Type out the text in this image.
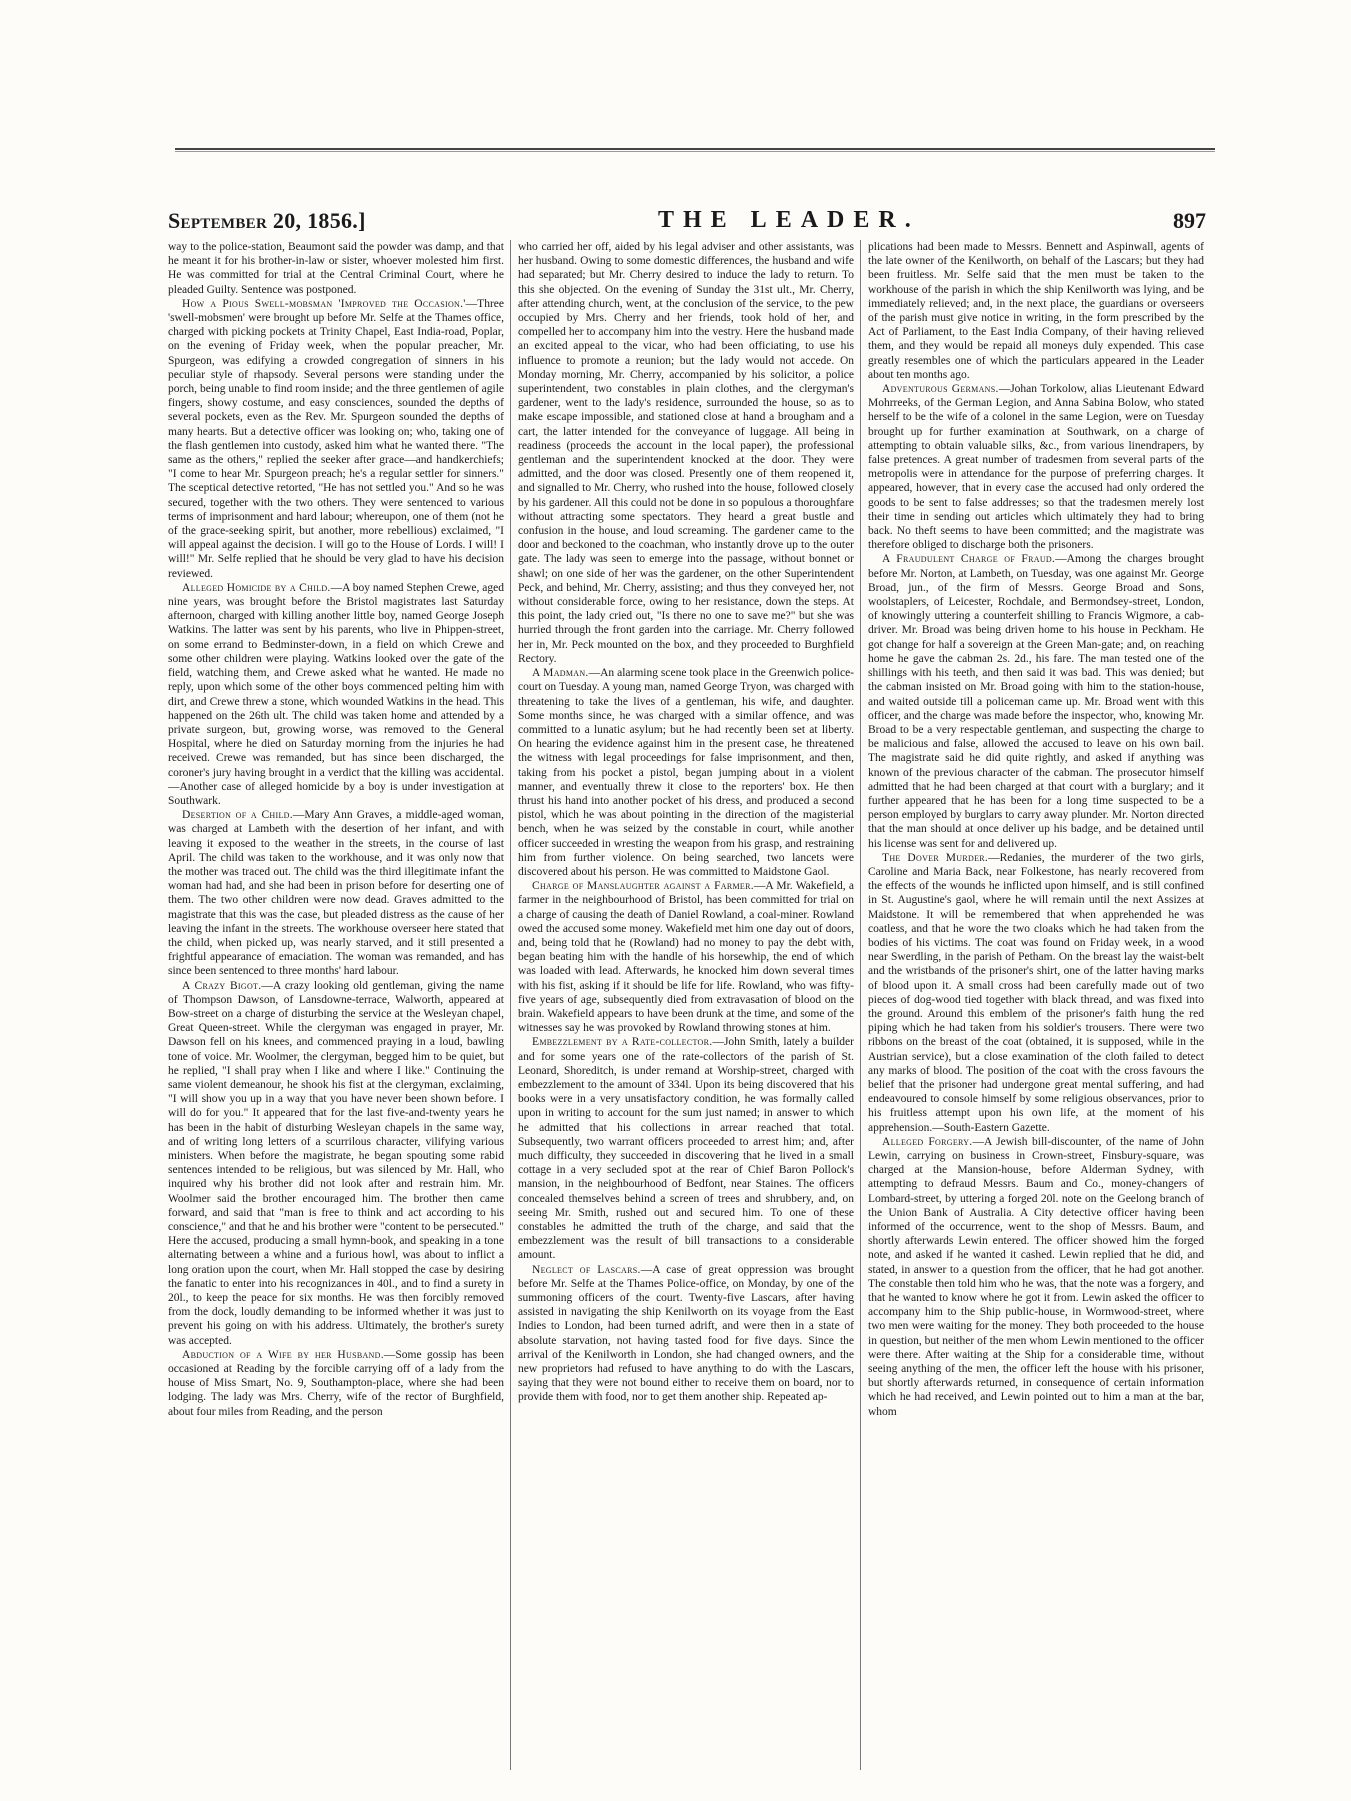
September 20, 1856.]	THE LEADER.	897

way to the police-station, Beaumont said the powder was damp, and that he meant it for his brother-in-law or sister, whoever molested him first. He was committed for trial at the Central Criminal Court, where he pleaded Guilty. Sentence was postponed.

How a Pious Swell-mobsman 'Improved the Occasion.'—Three 'swell-mobsmen' were brought up before Mr. Selfe at the Thames office, charged with picking pockets at Trinity Chapel, East India-road, Poplar, on the evening of Friday week, when the popular preacher, Mr. Spurgeon, was edifying a crowded congregation of sinners in his peculiar style of rhapsody. Several persons were standing under the porch, being unable to find room inside; and the three gentlemen of agile fingers, showy costume, and easy consciences, sounded the depths of several pockets, even as the Rev. Mr. Spurgeon sounded the depths of many hearts. But a detective officer was looking on; who, taking one of the flash gentlemen into custody, asked him what he wanted there. "The same as the others," replied the seeker after grace—and handkerchiefs; "I come to hear Mr. Spurgeon preach; he's a regular settler for sinners." The sceptical detective retorted, "He has not settled you." And so he was secured, together with the two others. They were sentenced to various terms of imprisonment and hard labour; whereupon, one of them (not he of the grace-seeking spirit, but another, more rebellious) exclaimed, "I will appeal against the decision. I will go to the House of Lords. I will! I will!" Mr. Selfe replied that he should be very glad to have his decision reviewed.

Alleged Homicide by a Child.—A boy named Stephen Crewe, aged nine years, was brought before the Bristol magistrates last Saturday afternoon, charged with killing another little boy, named George Joseph Watkins. The latter was sent by his parents, who live in Phippen-street, on some errand to Bedminster-down, in a field on which Crewe and some other children were playing. Watkins looked over the gate of the field, watching them, and Crewe asked what he wanted. He made no reply, upon which some of the other boys commenced pelting him with dirt, and Crewe threw a stone, which wounded Watkins in the head. This happened on the 26th ult. The child was taken home and attended by a private surgeon, but, growing worse, was removed to the General Hospital, where he died on Saturday morning from the injuries he had received. Crewe was remanded, but has since been discharged, the coroner's jury having brought in a verdict that the killing was accidental.—Another case of alleged homicide by a boy is under investigation at Southwark.

Desertion of a Child.—Mary Ann Graves, a middle-aged woman, was charged at Lambeth with the desertion of her infant, and with leaving it exposed to the weather in the streets, in the course of last April. The child was taken to the workhouse, and it was only now that the mother was traced out. The child was the third illegitimate infant the woman had had, and she had been in prison before for deserting one of them. The two other children were now dead. Graves admitted to the magistrate that this was the case, but pleaded distress as the cause of her leaving the infant in the streets. The workhouse overseer here stated that the child, when picked up, was nearly starved, and it still presented a frightful appearance of emaciation. The woman was remanded, and has since been sentenced to three months' hard labour.

A Crazy Bigot.—A crazy looking old gentleman, giving the name of Thompson Dawson, of Lansdowne-terrace, Walworth, appeared at Bow-street on a charge of disturbing the service at the Wesleyan chapel, Great Queen-street. While the clergyman was engaged in prayer, Mr. Dawson fell on his knees, and commenced praying in a loud, bawling tone of voice. Mr. Woolmer, the clergyman, begged him to be quiet, but he replied, "I shall pray when I like and where I like." Continuing the same violent demeanour, he shook his fist at the clergyman, exclaiming, "I will show you up in a way that you have never been shown before. I will do for you." It appeared that for the last five-and-twenty years he has been in the habit of disturbing Wesleyan chapels in the same way, and of writing long letters of a scurrilous character, vilifying various ministers. When before the magistrate, he began spouting some rabid sentences intended to be religious, but was silenced by Mr. Hall, who inquired why his brother did not look after and restrain him. Mr. Woolmer said the brother encouraged him. The brother then came forward, and said that "man is free to think and act according to his conscience," and that he and his brother were "content to be persecuted." Here the accused, producing a small hymn-book, and speaking in a tone alternating between a whine and a furious howl, was about to inflict a long oration upon the court, when Mr. Hall stopped the case by desiring the fanatic to enter into his recognizances in 40l., and to find a surety in 20l., to keep the peace for six months. He was then forcibly removed from the dock, loudly demanding to be informed whether it was just to prevent his going on with his address. Ultimately, the brother's surety was accepted.

Abduction of a Wife by her Husband.—Some gossip has been occasioned at Reading by the forcible carrying off of a lady from the house of Miss Smart, No. 9, Southampton-place, where she had been lodging. The lady was Mrs. Cherry, wife of the rector of Burghfield, about four miles from Reading, and the person

who carried her off, aided by his legal adviser and other assistants, was her husband. Owing to some domestic differences, the husband and wife had separated; but Mr. Cherry desired to induce the lady to return. To this she objected. On the evening of Sunday the 31st ult., Mr. Cherry, after attending church, went, at the conclusion of the service, to the pew occupied by Mrs. Cherry and her friends, took hold of her, and compelled her to accompany him into the vestry. Here the husband made an excited appeal to the vicar, who had been officiating, to use his influence to promote a reunion; but the lady would not accede. On Monday morning, Mr. Cherry, accompanied by his solicitor, a police superintendent, two constables in plain clothes, and the clergyman's gardener, went to the lady's residence, surrounded the house, so as to make escape impossible, and stationed close at hand a brougham and a cart, the latter intended for the conveyance of luggage. All being in readiness (proceeds the account in the local paper), the professional gentleman and the superintendent knocked at the door. They were admitted, and the door was closed. Presently one of them reopened it, and signalled to Mr. Cherry, who rushed into the house, followed closely by his gardener. All this could not be done in so populous a thoroughfare without attracting some spectators. They heard a great bustle and confusion in the house, and loud screaming. The gardener came to the door and beckoned to the coachman, who instantly drove up to the outer gate. The lady was seen to emerge into the passage, without bonnet or shawl; on one side of her was the gardener, on the other Superintendent Peck, and behind, Mr. Cherry, assisting; and thus they conveyed her, not without considerable force, owing to her resistance, down the steps. At this point, the lady cried out, "Is there no one to save me?" but she was hurried through the front garden into the carriage. Mr. Cherry followed her in, Mr. Peck mounted on the box, and they proceeded to Burghfield Rectory.

A Madman.—An alarming scene took place in the Greenwich police-court on Tuesday. A young man, named George Tryon, was charged with threatening to take the lives of a gentleman, his wife, and daughter. Some months since, he was charged with a similar offence, and was committed to a lunatic asylum; but he had recently been set at liberty. On hearing the evidence against him in the present case, he threatened the witness with legal proceedings for false imprisonment, and then, taking from his pocket a pistol, began jumping about in a violent manner, and eventually threw it close to the reporters' box. He then thrust his hand into another pocket of his dress, and produced a second pistol, which he was about pointing in the direction of the magisterial bench, when he was seized by the constable in court, while another officer succeeded in wresting the weapon from his grasp, and restraining him from further violence. On being searched, two lancets were discovered about his person. He was committed to Maidstone Gaol.

Charge of Manslaughter against a Farmer.—A Mr. Wakefield, a farmer in the neighbourhood of Bristol, has been committed for trial on a charge of causing the death of Daniel Rowland, a coal-miner. Rowland owed the accused some money. Wakefield met him one day out of doors, and, being told that he (Rowland) had no money to pay the debt with, began beating him with the handle of his horsewhip, the end of which was loaded with lead. Afterwards, he knocked him down several times with his fist, asking if it should be life for life. Rowland, who was fifty-five years of age, subsequently died from extravasation of blood on the brain. Wakefield appears to have been drunk at the time, and some of the witnesses say he was provoked by Rowland throwing stones at him.

Embezzlement by a Rate-collector.—John Smith, lately a builder and for some years one of the rate-collectors of the parish of St. Leonard, Shoreditch, is under remand at Worship-street, charged with embezzlement to the amount of 334l. Upon its being discovered that his books were in a very unsatisfactory condition, he was formally called upon in writing to account for the sum just named; in answer to which he admitted that his collections in arrear reached that total. Subsequently, two warrant officers proceeded to arrest him; and, after much difficulty, they succeeded in discovering that he lived in a small cottage in a very secluded spot at the rear of Chief Baron Pollock's mansion, in the neighbourhood of Bedfont, near Staines. The officers concealed themselves behind a screen of trees and shrubbery, and, on seeing Mr. Smith, rushed out and secured him. To one of these constables he admitted the truth of the charge, and said that the embezzlement was the result of bill transactions to a considerable amount.

Neglect of Lascars.—A case of great oppression was brought before Mr. Selfe at the Thames Police-office, on Monday, by one of the summoning officers of the court. Twenty-five Lascars, after having assisted in navigating the ship Kenilworth on its voyage from the East Indies to London, had been turned adrift, and were then in a state of absolute starvation, not having tasted food for five days. Since the arrival of the Kenilworth in London, she had changed owners, and the new proprietors had refused to have anything to do with the Lascars, saying that they were not bound either to receive them on board, nor to provide them with food, nor to get them another ship. Repeated ap-

plications had been made to Messrs. Bennett and Aspinwall, agents of the late owner of the Kenilworth, on behalf of the Lascars; but they had been fruitless. Mr. Selfe said that the men must be taken to the workhouse of the parish in which the ship Kenilworth was lying, and be immediately relieved; and, in the next place, the guardians or overseers of the parish must give notice in writing, in the form prescribed by the Act of Parliament, to the East India Company, of their having relieved them, and they would be repaid all moneys duly expended. This case greatly resembles one of which the particulars appeared in the Leader about ten months ago.

Adventurous Germans.—Johan Torkolow, alias Lieutenant Edward Mohrreeks, of the German Legion, and Anna Sabina Bolow, who stated herself to be the wife of a colonel in the same Legion, were on Tuesday brought up for further examination at Southwark, on a charge of attempting to obtain valuable silks, &c., from various linendrapers, by false pretences. A great number of tradesmen from several parts of the metropolis were in attendance for the purpose of preferring charges. It appeared, however, that in every case the accused had only ordered the goods to be sent to false addresses; so that the tradesmen merely lost their time in sending out articles which ultimately they had to bring back. No theft seems to have been committed; and the magistrate was therefore obliged to discharge both the prisoners.

A Fraudulent Charge of Fraud.—Among the charges brought before Mr. Norton, at Lambeth, on Tuesday, was one against Mr. George Broad, jun., of the firm of Messrs. George Broad and Sons, woolstaplers, of Leicester, Rochdale, and Bermondsey-street, London, of knowingly uttering a counterfeit shilling to Francis Wigmore, a cab-driver. Mr. Broad was being driven home to his house in Peckham. He got change for half a sovereign at the Green Man-gate; and, on reaching home he gave the cabman 2s. 2d., his fare. The man tested one of the shillings with his teeth, and then said it was bad. This was denied; but the cabman insisted on Mr. Broad going with him to the station-house, and waited outside till a policeman came up. Mr. Broad went with this officer, and the charge was made before the inspector, who, knowing Mr. Broad to be a very respectable gentleman, and suspecting the charge to be malicious and false, allowed the accused to leave on his own bail. The magistrate said he did quite rightly, and asked if anything was known of the previous character of the cabman. The prosecutor himself admitted that he had been charged at that court with a burglary; and it further appeared that he has been for a long time suspected to be a person employed by burglars to carry away plunder. Mr. Norton directed that the man should at once deliver up his badge, and be detained until his license was sent for and delivered up.

The Dover Murder.—Redanies, the murderer of the two girls, Caroline and Maria Back, near Folkestone, has nearly recovered from the effects of the wounds he inflicted upon himself, and is still confined in St. Augustine's gaol, where he will remain until the next Assizes at Maidstone. It will be remembered that when apprehended he was coatless, and that he wore the two cloaks which he had taken from the bodies of his victims. The coat was found on Friday week, in a wood near Swerdling, in the parish of Petham. On the breast lay the waist-belt and the wristbands of the prisoner's shirt, one of the latter having marks of blood upon it. A small cross had been carefully made out of two pieces of dog-wood tied together with black thread, and was fixed into the ground. Around this emblem of the prisoner's faith hung the red piping which he had taken from his soldier's trousers. There were two ribbons on the breast of the coat (obtained, it is supposed, while in the Austrian service), but a close examination of the cloth failed to detect any marks of blood. The position of the coat with the cross favours the belief that the prisoner had undergone great mental suffering, and had endeavoured to console himself by some religious observances, prior to his fruitless attempt upon his own life, at the moment of his apprehension.—South-Eastern Gazette.

Alleged Forgery.—A Jewish bill-discounter, of the name of John Lewin, carrying on business in Crown-street, Finsbury-square, was charged at the Mansion-house, before Alderman Sydney, with attempting to defraud Messrs. Baum and Co., money-changers of Lombard-street, by uttering a forged 20l. note on the Geelong branch of the Union Bank of Australia. A City detective officer having been informed of the occurrence, went to the shop of Messrs. Baum, and shortly afterwards Lewin entered. The officer showed him the forged note, and asked if he wanted it cashed. Lewin replied that he did, and stated, in answer to a question from the officer, that he had got another. The constable then told him who he was, that the note was a forgery, and that he wanted to know where he got it from. Lewin asked the officer to accompany him to the Ship public-house, in Wormwood-street, where two men were waiting for the money. They both proceeded to the house in question, but neither of the men whom Lewin mentioned to the officer were there. After waiting at the Ship for a considerable time, without seeing anything of the men, the officer left the house with his prisoner, but shortly afterwards returned, in consequence of certain information which he had received, and Lewin pointed out to him a man at the bar, whom
